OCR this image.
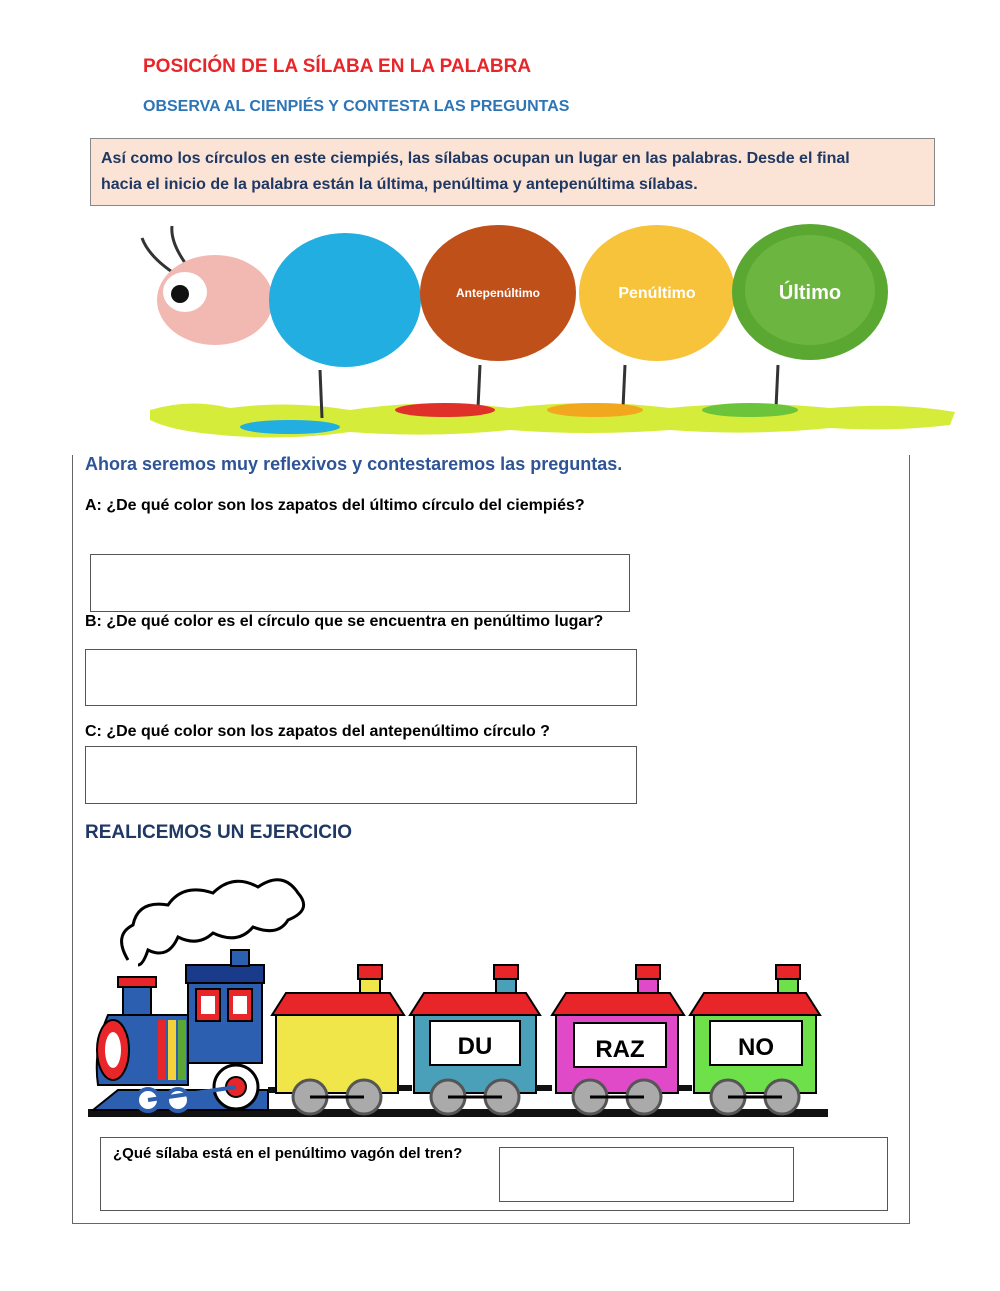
POSICIÓN DE LA SÍLABA EN LA PALABRA
OBSERVA AL CIENPIÉS Y CONTESTA LAS PREGUNTAS
Así como los círculos en este ciempiés, las sílabas ocupan un lugar en las palabras. Desde el final
hacia el inicio de la palabra están la última, penúltima y antepenúltima sílabas.
Antepenúltimo	Penúltimo	Último
Ahora seremos muy reflexivos y contestaremos las preguntas.
A: ¿De qué color son los zapatos del último círculo del ciempiés?
B: ¿De qué color es el círculo que se encuentra en penúltimo lugar?
C: ¿De qué color son los zapatos del antepenúltimo círculo ?
REALICEMOS UN EJERCICIO
DU	RAZ	NO
¿Qué sílaba está en el penúltimo vagón del tren?
